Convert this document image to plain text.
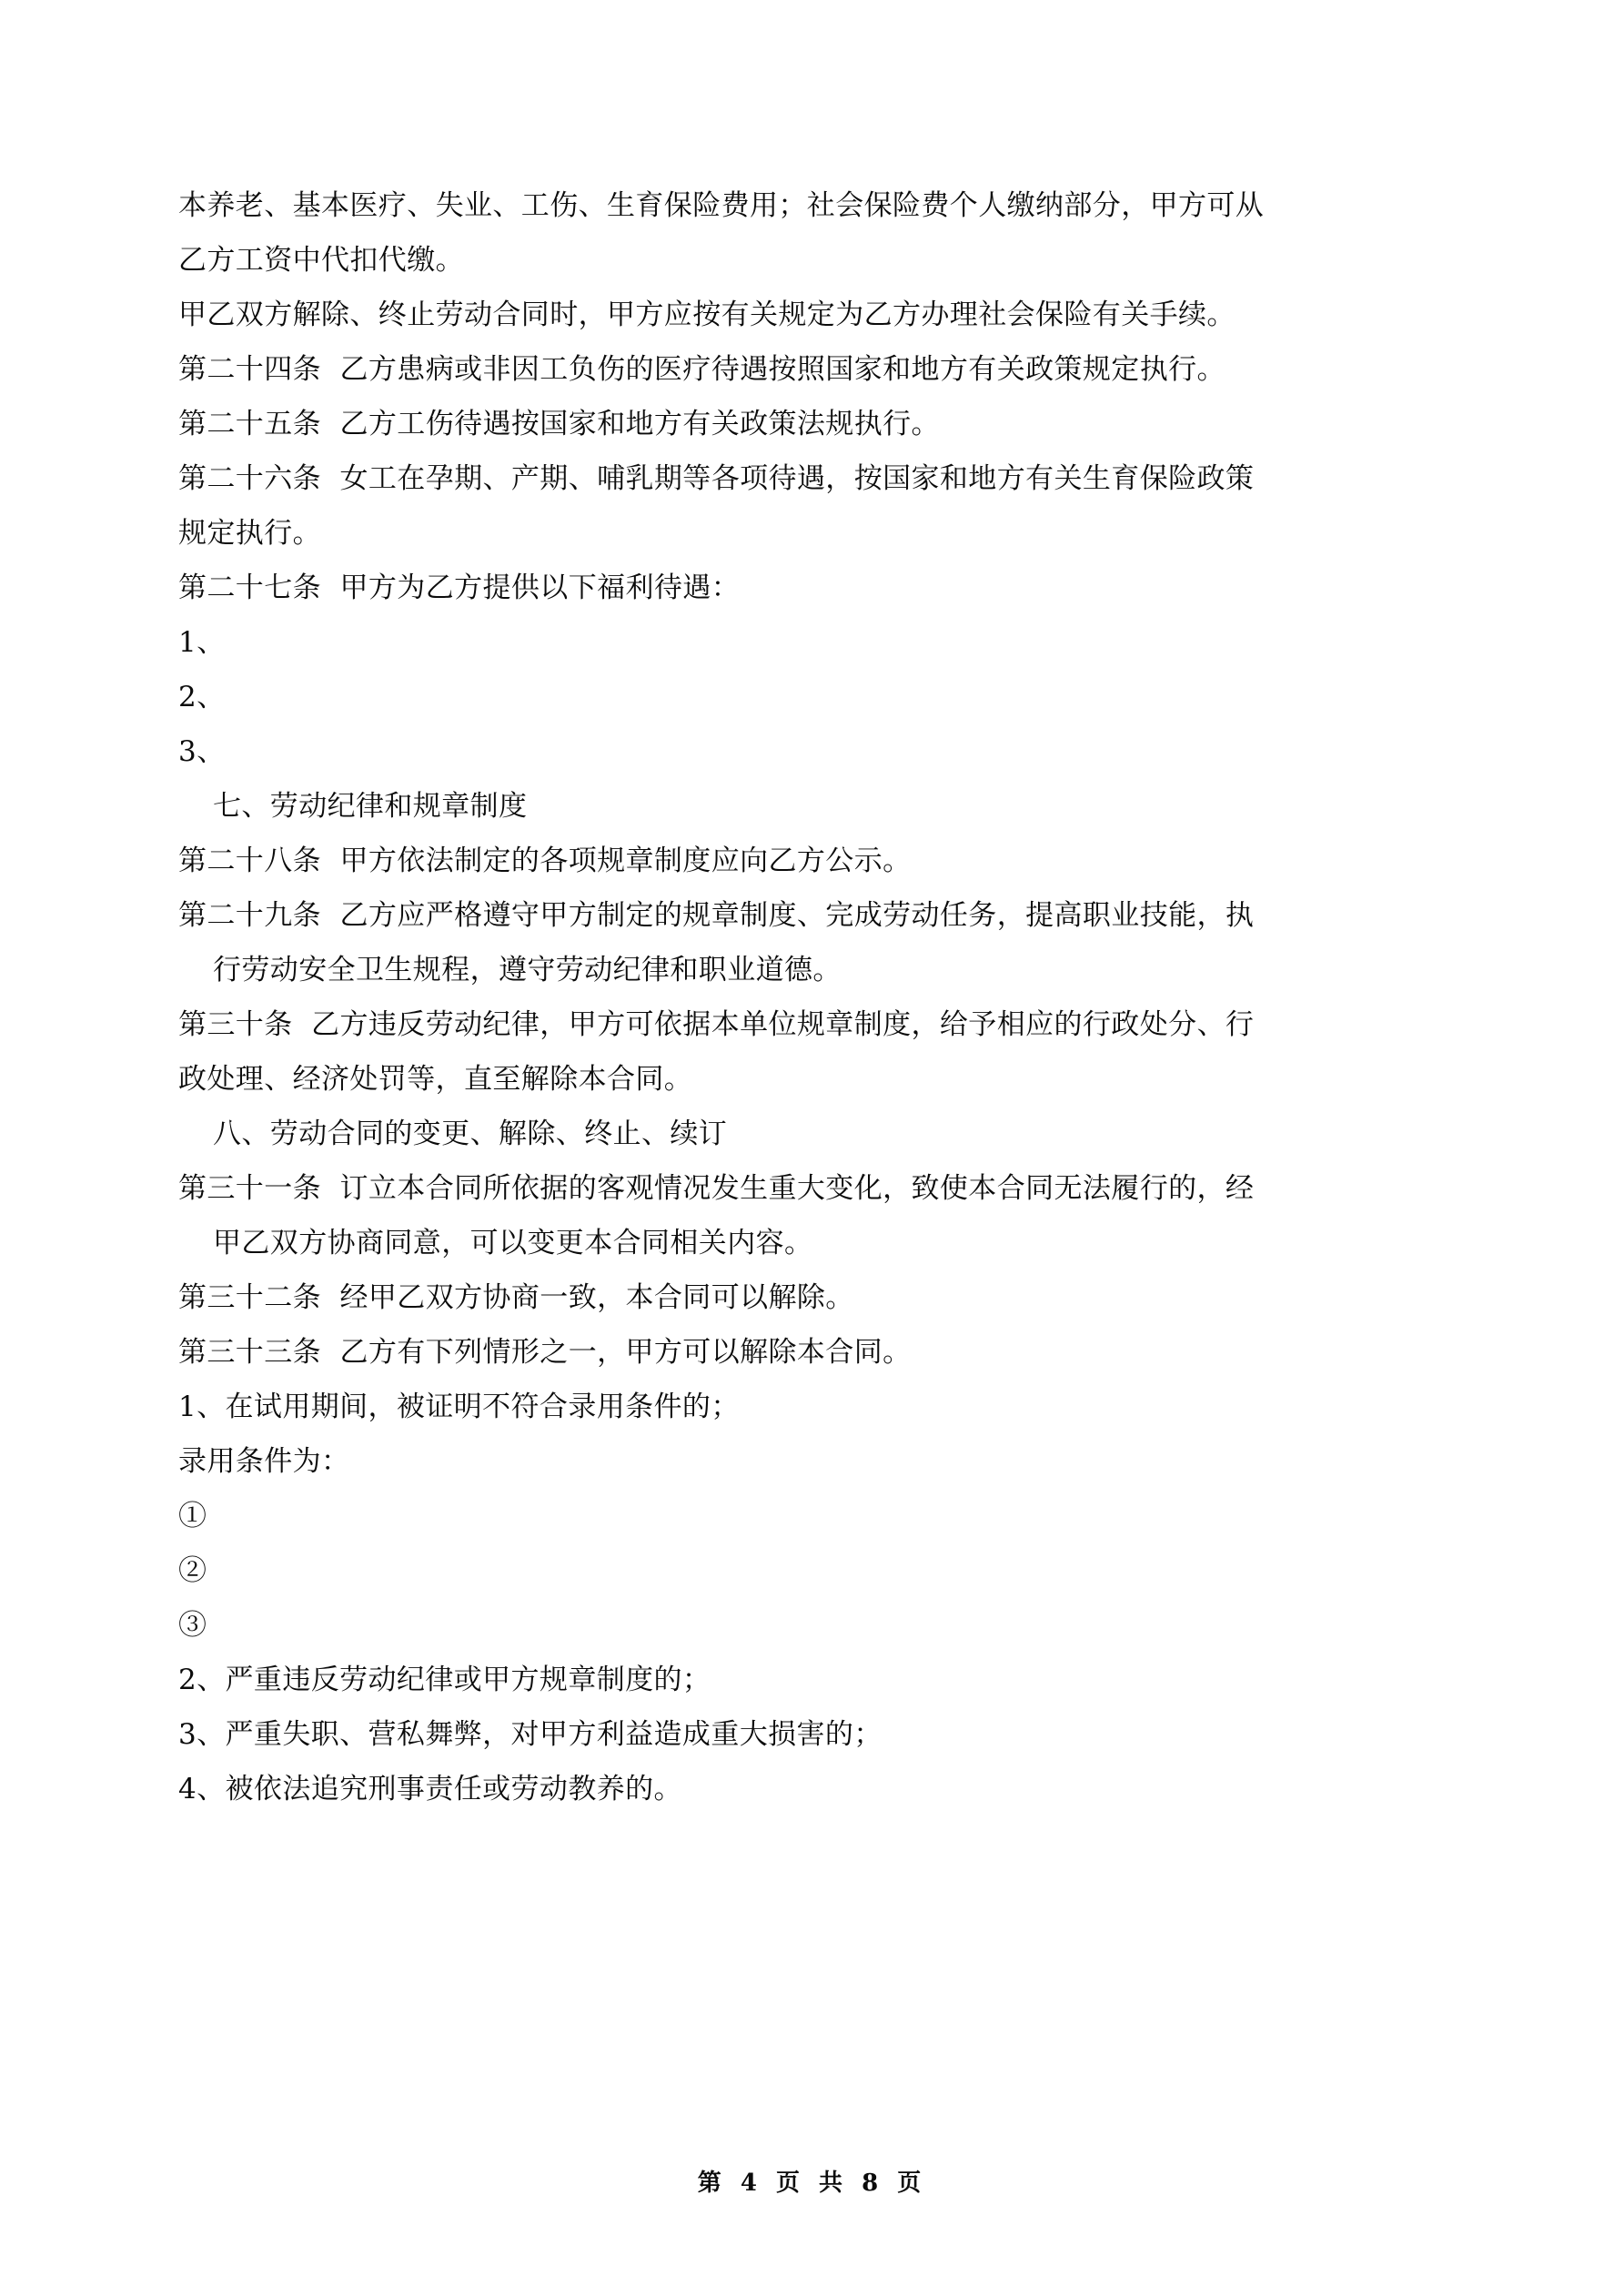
本养老、基本医疗、失业、工伤、生育保险费用；社会保险费个人缴纳部分，甲方可从
乙方工资中代扣代缴。
甲乙双方解除、终止劳动合同时，甲方应按有关规定为乙方办理社会保险有关手续。
第二十四条  乙方患病或非因工负伤的医疗待遇按照国家和地方有关政策规定执行。
第二十五条  乙方工伤待遇按国家和地方有关政策法规执行。
第二十六条  女工在孕期、产期、哺乳期等各项待遇，按国家和地方有关生育保险政策
规定执行。
第二十七条  甲方为乙方提供以下福利待遇：
1、
2、
3、
七、劳动纪律和规章制度
第二十八条  甲方依法制定的各项规章制度应向乙方公示。
第二十九条  乙方应严格遵守甲方制定的规章制度、完成劳动任务，提高职业技能，执
行劳动安全卫生规程，遵守劳动纪律和职业道德。
第三十条  乙方违反劳动纪律，甲方可依据本单位规章制度，给予相应的行政处分、行
政处理、经济处罚等，直至解除本合同。
八、劳动合同的变更、解除、终止、续订
第三十一条  订立本合同所依据的客观情况发生重大变化，致使本合同无法履行的，经
甲乙双方协商同意，可以变更本合同相关内容。
第三十二条  经甲乙双方协商一致，本合同可以解除。
第三十三条  乙方有下列情形之一，甲方可以解除本合同。
1、在试用期间，被证明不符合录用条件的；
录用条件为：
①
②
③
2、严重违反劳动纪律或甲方规章制度的；
3、严重失职、营私舞弊，对甲方利益造成重大损害的；
4、被依法追究刑事责任或劳动教养的。
第 4 页 共 8 页
